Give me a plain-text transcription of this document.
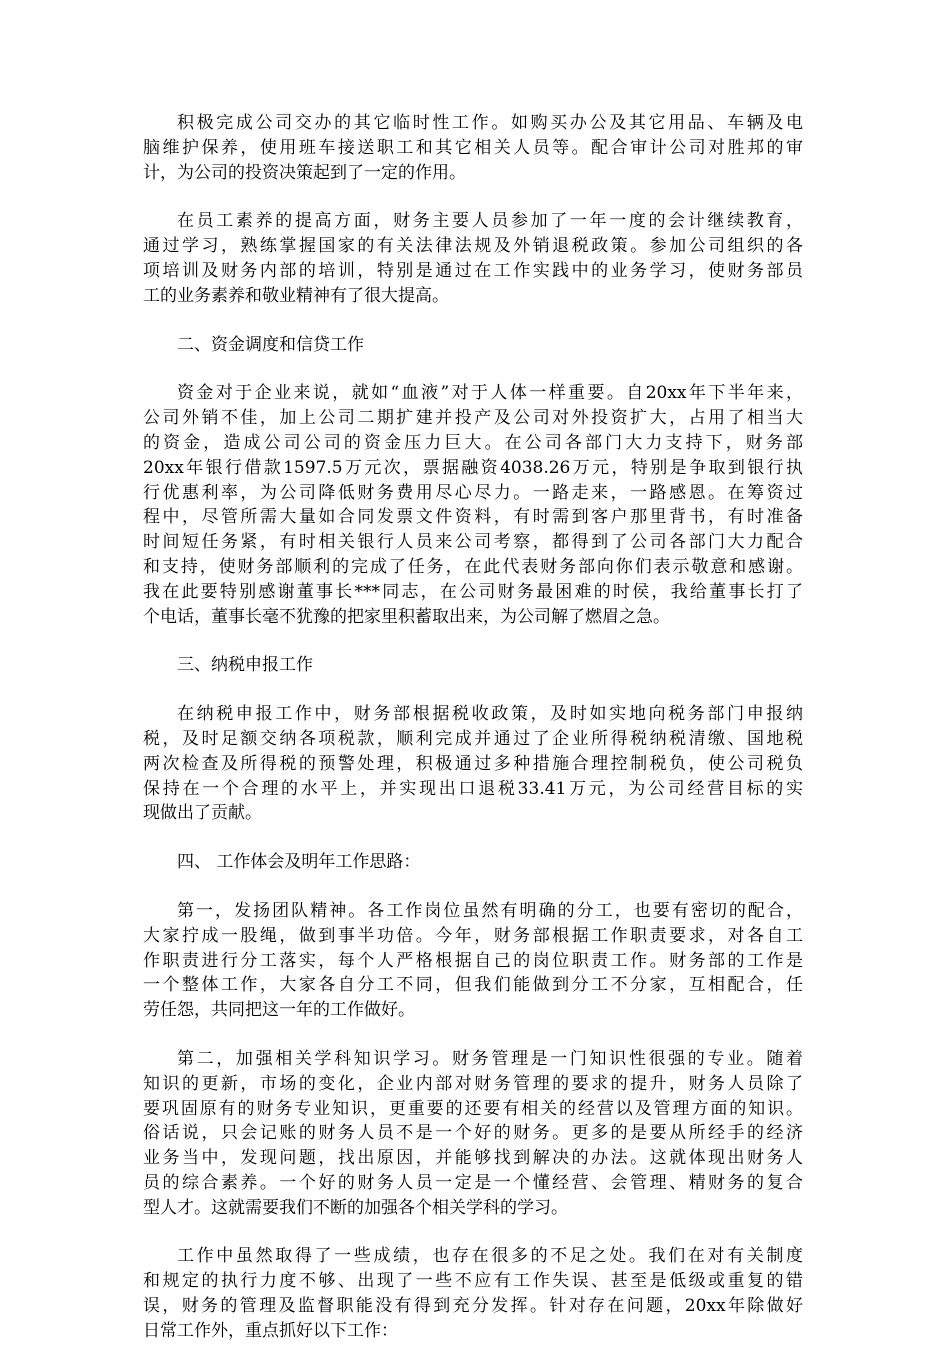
积极完成公司交办的其它临时性工作。如购买办公及其它用品、车辆及电
脑维护保养，使用班车接送职工和其它相关人员等。配合审计公司对胜邦的审
计，为公司的投资决策起到了一定的作用。
在员工素养的提高方面，财务主要人员参加了一年一度的会计继续教育，
通过学习，熟练掌握国家的有关法律法规及外销退税政策。参加公司组织的各
项培训及财务内部的培训，特别是通过在工作实践中的业务学习，使财务部员
工的业务素养和敬业精神有了很大提高。
二、资金调度和信贷工作
资金对于企业来说，就如“血液”对于人体一样重要。自20xx年下半年来，
公司外销不佳，加上公司二期扩建并投产及公司对外投资扩大，占用了相当大
的资金，造成公司公司的资金压力巨大。在公司各部门大力支持下，财务部
20xx年银行借款1597.5万元次，票据融资4038.26万元，特别是争取到银行执
行优惠利率，为公司降低财务费用尽心尽力。一路走来，一路感恩。在筹资过
程中，尽管所需大量如合同发票文件资料，有时需到客户那里背书，有时准备
时间短任务紧，有时相关银行人员来公司考察，都得到了公司各部门大力配合
和支持，使财务部顺利的完成了任务，在此代表财务部向你们表示敬意和感谢。
我在此要特别感谢董事长***同志，在公司财务最困难的时侯，我给董事长打了
个电话，董事长毫不犹豫的把家里积蓄取出来，为公司解了燃眉之急。
三、纳税申报工作
在纳税申报工作中，财务部根据税收政策，及时如实地向税务部门申报纳
税，及时足额交纳各项税款，顺利完成并通过了企业所得税纳税清缴、国地税
两次检查及所得税的预警处理，积极通过多种措施合理控制税负，使公司税负
保持在一个合理的水平上，并实现出口退税33.41万元，为公司经营目标的实
现做出了贡献。
四、 工作体会及明年工作思路：
第一，发扬团队精神。各工作岗位虽然有明确的分工，也要有密切的配合，
大家拧成一股绳，做到事半功倍。今年，财务部根据工作职责要求，对各自工
作职责进行分工落实，每个人严格根据自己的岗位职责工作。财务部的工作是
一个整体工作，大家各自分工不同，但我们能做到分工不分家，互相配合，任
劳任怨，共同把这一年的工作做好。
第二，加强相关学科知识学习。财务管理是一门知识性很强的专业。随着
知识的更新，市场的变化，企业内部对财务管理的要求的提升，财务人员除了
要巩固原有的财务专业知识，更重要的还要有相关的经营以及管理方面的知识。
俗话说，只会记账的财务人员不是一个好的财务。更多的是要从所经手的经济
业务当中，发现问题，找出原因，并能够找到解决的办法。这就体现出财务人
员的综合素养。一个好的财务人员一定是一个懂经营、会管理、精财务的复合
型人才。这就需要我们不断的加强各个相关学科的学习。
工作中虽然取得了一些成绩，也存在很多的不足之处。我们在对有关制度
和规定的执行力度不够、出现了一些不应有工作失误、甚至是低级或重复的错
误，财务的管理及监督职能没有得到充分发挥。针对存在问题，20xx年除做好
日常工作外，重点抓好以下工作：
